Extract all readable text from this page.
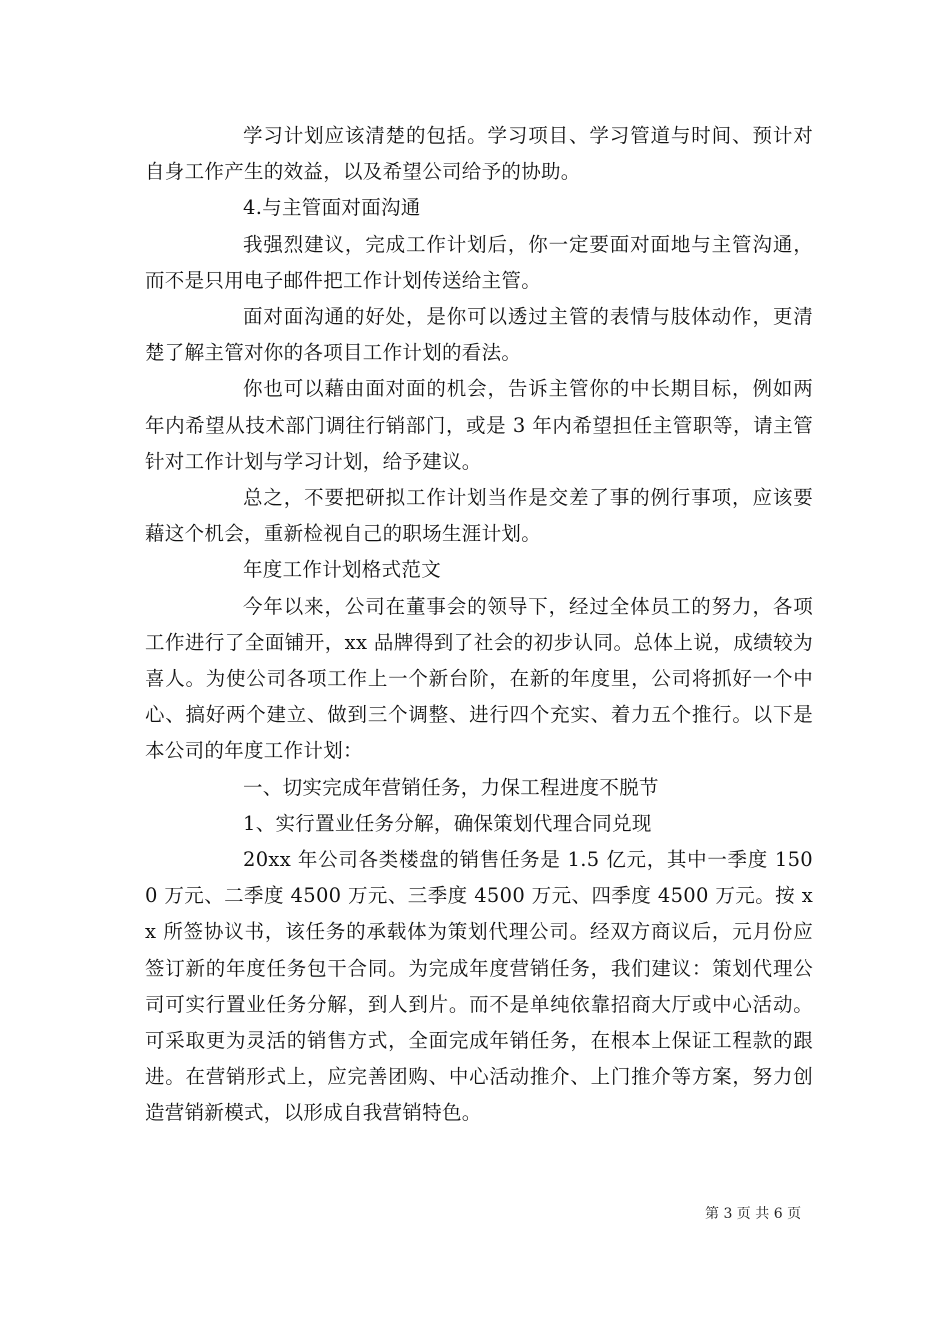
学习计划应该清楚的包括。学习项目、学习管道与时间、预计对自身工作产生的效益，以及希望公司给予的协助。

4.与主管面对面沟通

我强烈建议，完成工作计划后，你一定要面对面地与主管沟通，而不是只用电子邮件把工作计划传送给主管。

面对面沟通的好处，是你可以透过主管的表情与肢体动作，更清楚了解主管对你的各项目工作计划的看法。

你也可以藉由面对面的机会，告诉主管你的中长期目标，例如两年内希望从技术部门调往行销部门，或是 3 年内希望担任主管职等，请主管针对工作计划与学习计划，给予建议。

总之，不要把研拟工作计划当作是交差了事的例行事项，应该要藉这个机会，重新检视自己的职场生涯计划。

年度工作计划格式范文

今年以来，公司在董事会的领导下，经过全体员工的努力，各项工作进行了全面铺开，xx 品牌得到了社会的初步认同。总体上说，成绩较为喜人。为使公司各项工作上一个新台阶，在新的年度里，公司将抓好一个中心、搞好两个建立、做到三个调整、进行四个充实、着力五个推行。以下是本公司的年度工作计划：

一、切实完成年营销任务，力保工程进度不脱节

1、实行置业任务分解，确保策划代理合同兑现

20xx 年公司各类楼盘的销售任务是 1.5 亿元，其中一季度 1500 万元、二季度 4500 万元、三季度 4500 万元、四季度 4500 万元。按 xx 所签协议书，该任务的承载体为策划代理公司。经双方商议后，元月份应签订新的年度任务包干合同。为完成年度营销任务，我们建议：策划代理公司可实行置业任务分解，到人到片。而不是单纯依靠招商大厅或中心活动。可采取更为灵活的销售方式，全面完成年销任务，在根本上保证工程款的跟进。在营销形式上，应完善团购、中心活动推介、上门推介等方案，努力创造营销新模式，以形成自我营销特色。

第 3 页 共 6 页
